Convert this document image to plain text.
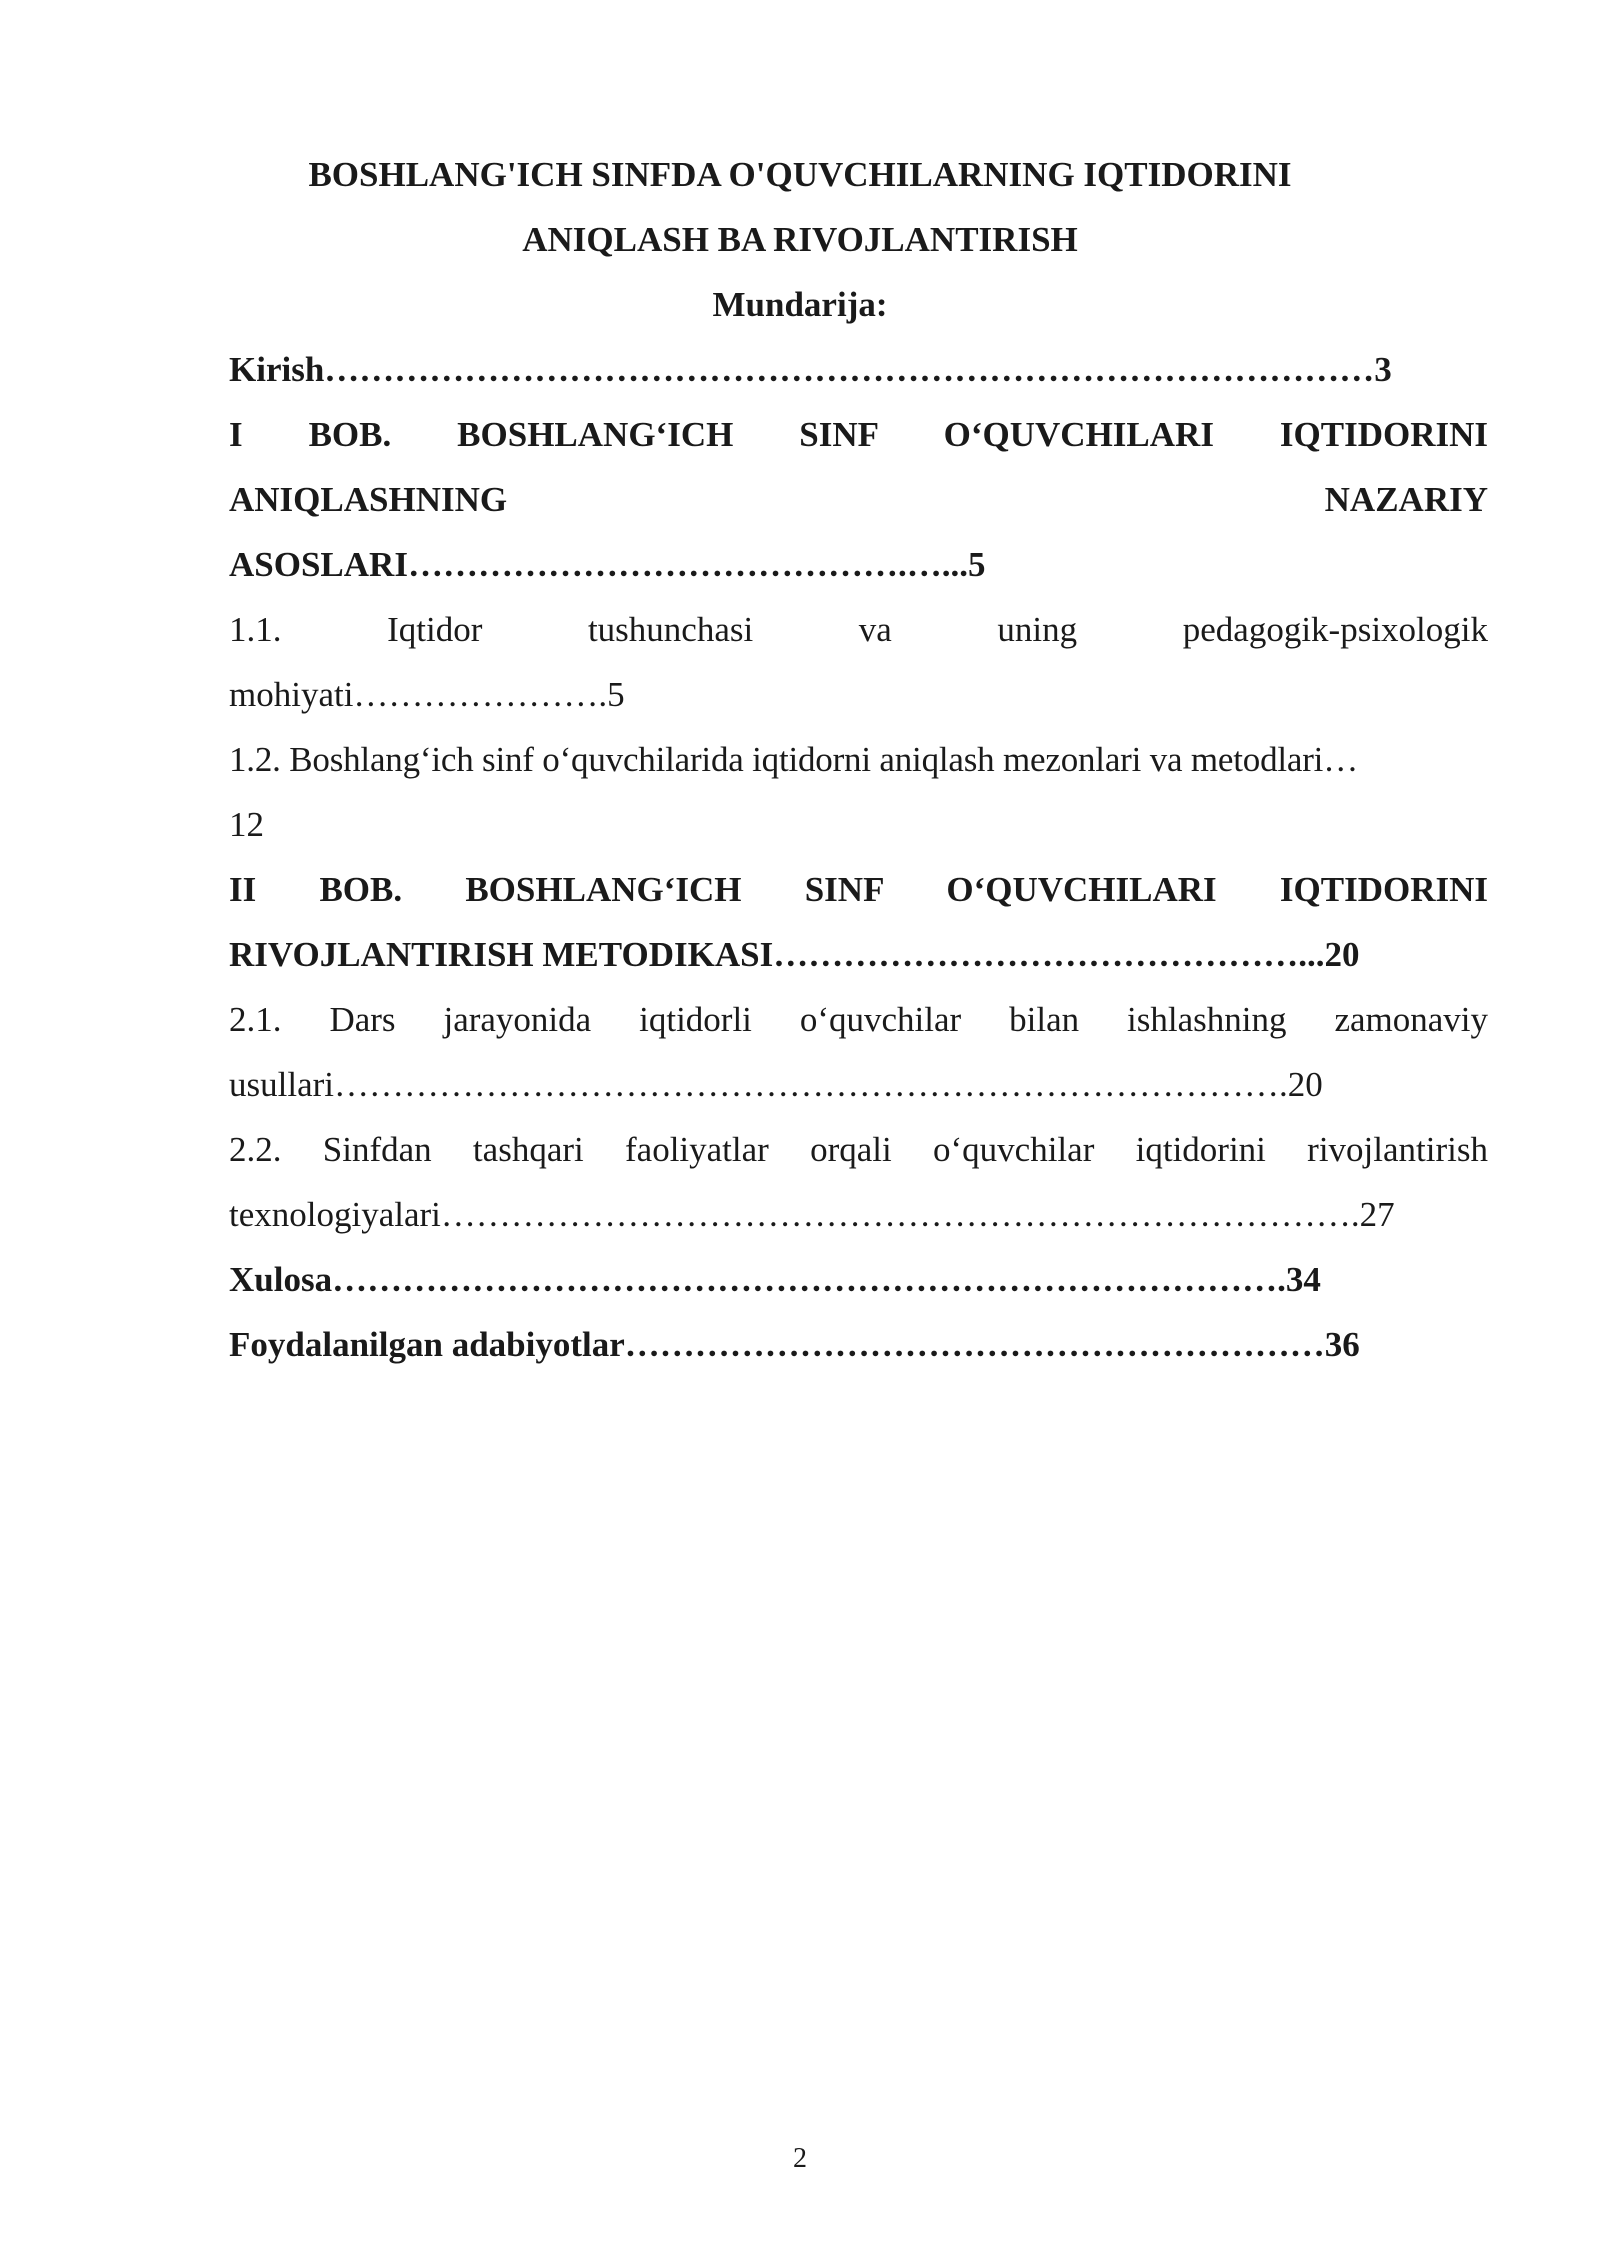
BOSHLANG'ICH SINFDA O'QUVCHILARNING IQTIDORINI
ANIQLASH BA RIVOJLANTIRISH
Mundarija:
Kirish………………………………………………………………………………3
I BOB. BOSHLANG‘ICH SINF O‘QUVCHILARI IQTIDORINI
ANIQLASHNING NAZARIY
ASOSLARI…………………………………….…...5
1.1. Iqtidor tushunchasi va uning pedagogik-psixologik
mohiyati………………….5
1.2. Boshlang‘ich sinf o‘quvchilarida iqtidorni aniqlash mezonlari va metodlari…
12
II BOB. BOSHLANG‘ICH SINF O‘QUVCHILARI IQTIDORINI
RIVOJLANTIRISH METODIKASI………………………………………...20
2.1. Dars jarayonida iqtidorli o‘quvchilar bilan ishlashning zamonaviy
usullari……………………………………………………………………….20
2.2. Sinfdan tashqari faoliyatlar orqali o‘quvchilar iqtidorini rivojlantirish
texnologiyalari…………………………………………………………………….27
Xulosa……………………………………………………………………….34
Foydalanilgan adabiyotlar……………………………………………………36
2
